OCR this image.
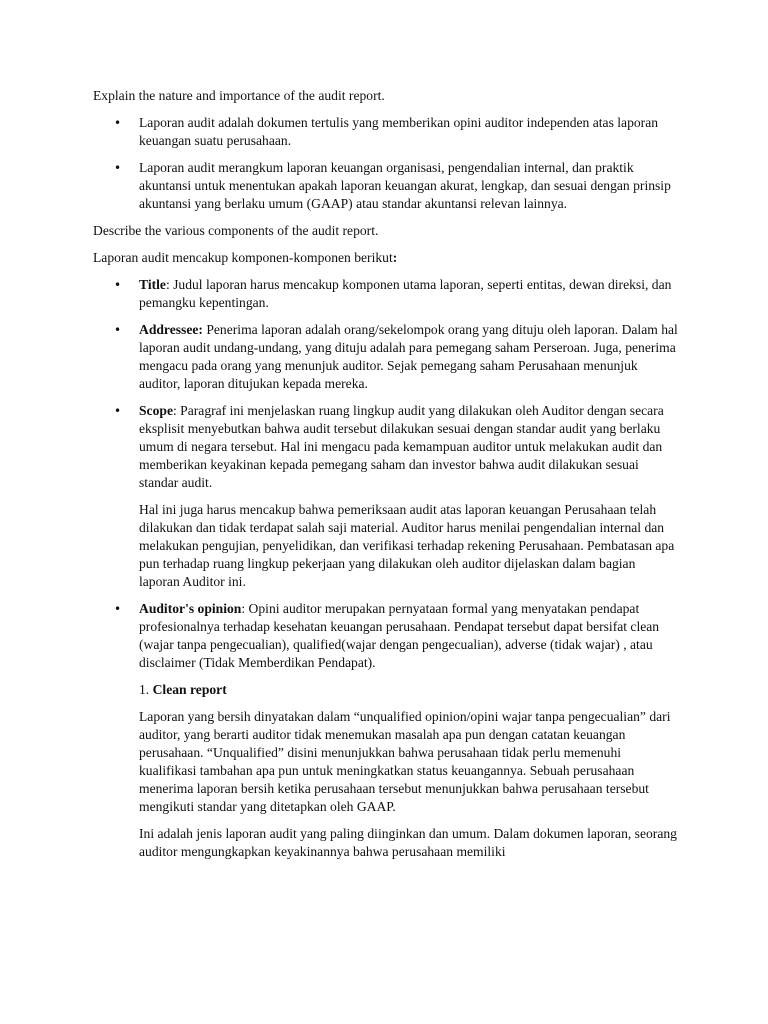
Explain the nature and importance of the audit report.

• Laporan audit adalah dokumen tertulis yang memberikan opini auditor independen atas laporan keuangan suatu perusahaan.
• Laporan audit merangkum laporan keuangan organisasi, pengendalian internal, dan praktik akuntansi untuk menentukan apakah laporan keuangan akurat, lengkap, dan sesuai dengan prinsip akuntansi yang berlaku umum (GAAP) atau standar akuntansi relevan lainnya.

Describe the various components of the audit report.

Laporan audit mencakup komponen-komponen berikut:

• Title: Judul laporan harus mencakup komponen utama laporan, seperti entitas, dewan direksi, dan pemangku kepentingan.
• Addressee: Penerima laporan adalah orang/sekelompok orang yang dituju oleh laporan. Dalam hal laporan audit undang-undang, yang dituju adalah para pemegang saham Perseroan. Juga, penerima mengacu pada orang yang menunjuk auditor. Sejak pemegang saham Perusahaan menunjuk auditor, laporan ditujukan kepada mereka.
• Scope: Paragraf ini menjelaskan ruang lingkup audit yang dilakukan oleh Auditor dengan secara eksplisit menyebutkan bahwa audit tersebut dilakukan sesuai dengan standar audit yang berlaku umum di negara tersebut. Hal ini mengacu pada kemampuan auditor untuk melakukan audit dan memberikan keyakinan kepada pemegang saham dan investor bahwa audit dilakukan sesuai standar audit.

Hal ini juga harus mencakup bahwa pemeriksaan audit atas laporan keuangan Perusahaan telah dilakukan dan tidak terdapat salah saji material. Auditor harus menilai pengendalian internal dan melakukan pengujian, penyelidikan, dan verifikasi terhadap rekening Perusahaan. Pembatasan apa pun terhadap ruang lingkup pekerjaan yang dilakukan oleh auditor dijelaskan dalam bagian laporan Auditor ini.

• Auditor's opinion: Opini auditor merupakan pernyataan formal yang menyatakan pendapat profesionalnya terhadap kesehatan keuangan perusahaan. Pendapat tersebut dapat bersifat clean (wajar tanpa pengecualian), qualified(wajar dengan pengecualian), adverse (tidak wajar) , atau disclaimer (Tidak Memberdikan Pendapat).

1. Clean report

Laporan yang bersih dinyatakan dalam “unqualified opinion/opini wajar tanpa pengecualian” dari auditor, yang berarti auditor tidak menemukan masalah apa pun dengan catatan keuangan perusahaan. “Unqualified” disini menunjukkan bahwa perusahaan tidak perlu memenuhi kualifikasi tambahan apa pun untuk meningkatkan status keuangannya. Sebuah perusahaan menerima laporan bersih ketika perusahaan tersebut menunjukkan bahwa perusahaan tersebut mengikuti standar yang ditetapkan oleh GAAP.

Ini adalah jenis laporan audit yang paling diinginkan dan umum. Dalam dokumen laporan, seorang auditor mengungkapkan keyakinannya bahwa perusahaan memiliki
